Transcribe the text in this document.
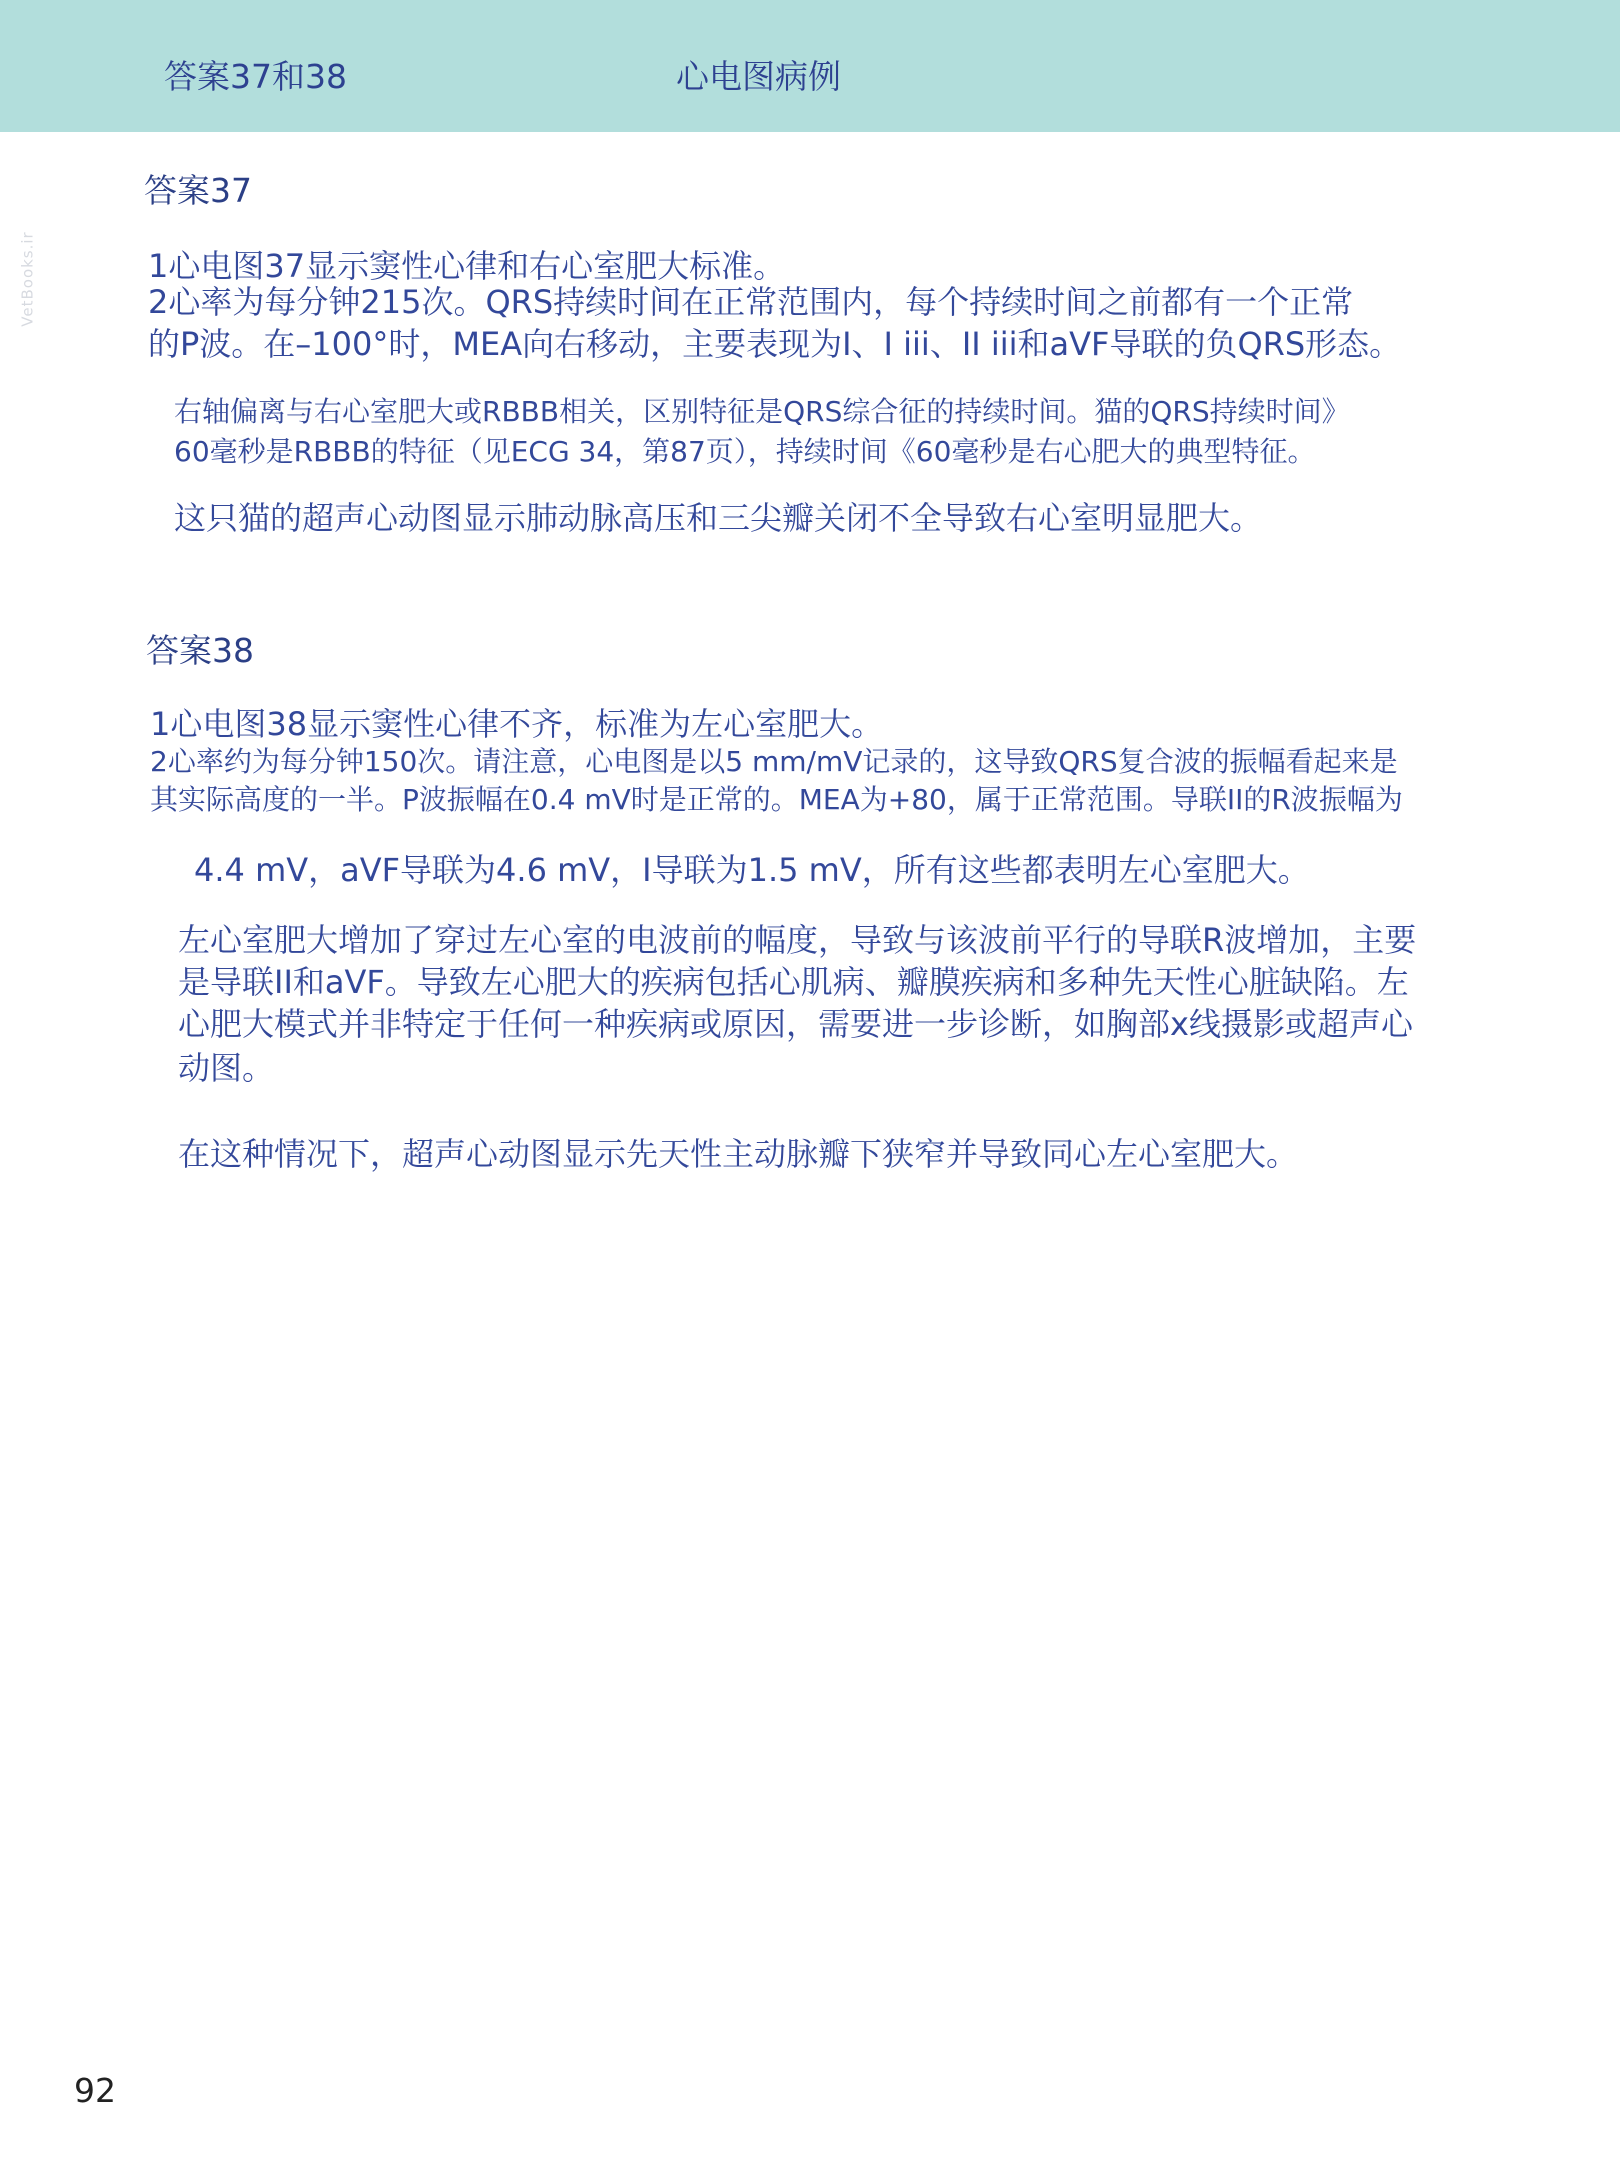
答案37和38	心电图病例
VetBooks.ir
答案37
1心电图37显示窦性心律和右心室肥大标准。
2心率为每分钟215次。QRS持续时间在正常范围内，每个持续时间之前都有一个正常
的P波。在–100°时，MEA向右移动，主要表现为I、I iii、II iii和aVF导联的负QRS形态。
右轴偏离与右心室肥大或RBBB相关，区别特征是QRS综合征的持续时间。猫的QRS持续时间》
60毫秒是RBBB的特征（见ECG 34，第87页），持续时间《60毫秒是右心肥大的典型特征。
这只猫的超声心动图显示肺动脉高压和三尖瓣关闭不全导致右心室明显肥大。
答案38
1心电图38显示窦性心律不齐，标准为左心室肥大。
2心率约为每分钟150次。请注意，心电图是以5 mm/mV记录的，这导致QRS复合波的振幅看起来是
其实际高度的一半。P波振幅在0.4 mV时是正常的。MEA为+80，属于正常范围。导联II的R波振幅为
4.4 mV，aVF导联为4.6 mV，I导联为1.5 mV，所有这些都表明左心室肥大。
左心室肥大增加了穿过左心室的电波前的幅度，导致与该波前平行的导联R波增加，主要
是导联II和aVF。导致左心肥大的疾病包括心肌病、瓣膜疾病和多种先天性心脏缺陷。左
心肥大模式并非特定于任何一种疾病或原因，需要进一步诊断，如胸部x线摄影或超声心
动图。
在这种情况下，超声心动图显示先天性主动脉瓣下狭窄并导致同心左心室肥大。
92
